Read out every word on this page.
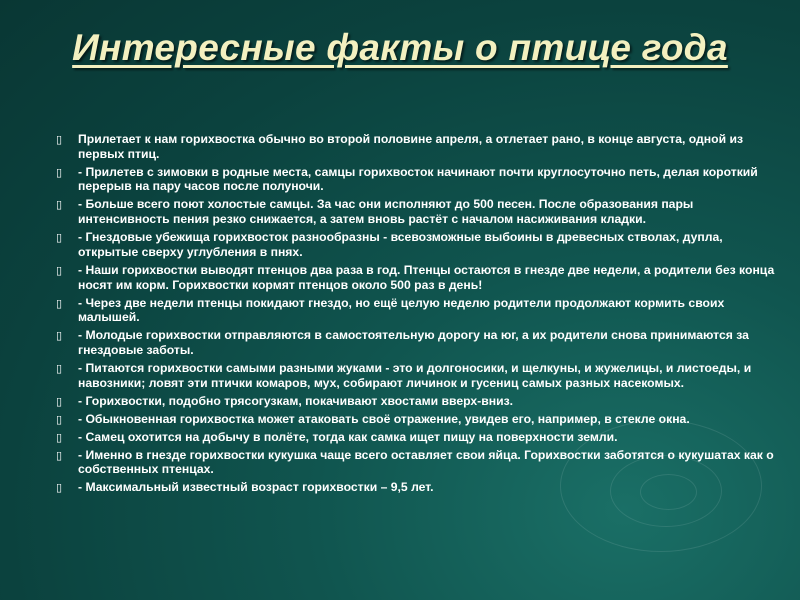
Интересные факты о птице года
▯	Прилетает к нам горихвостка обычно во второй половине апреля, а отлетает рано, в конце августа, одной из первых птиц.
▯	- Прилетев с зимовки в родные места, самцы горихвосток начинают почти круглосуточно петь, делая короткий перерыв на пару часов после полуночи.
▯	- Больше всего поют холостые самцы. За час они исполняют до 500 песен. После образования пары интенсивность пения резко снижается, а затем вновь растёт с началом насиживания кладки.
▯	- Гнездовые убежища горихвосток разнообразны - всевозможные выбоины в древесных стволах, дупла, открытые сверху углубления в пнях.
▯	- Наши горихвостки выводят птенцов два раза в год. Птенцы остаются в гнезде две недели, а родители без конца носят им корм. Горихвостки кормят птенцов около 500 раз в день!
▯	- Через две недели птенцы покидают гнездо, но ещё целую неделю родители продолжают кормить своих малышей.
▯	- Молодые горихвостки отправляются в самостоятельную дорогу на юг, а их родители снова принимаются за гнездовые заботы.
▯	- Питаются горихвостки самыми разными жуками - это и долгоносики, и щелкуны, и жужелицы, и листоеды, и навозники; ловят эти птички комаров, мух, собирают личинок и гусениц самых разных насекомых.
▯	- Горихвостки, подобно трясогузкам, покачивают хвостами вверх-вниз.
▯	- Обыкновенная горихвостка может атаковать своё отражение, увидев его, например, в стекле окна.
▯	- Самец охотится на добычу в полёте, тогда как самка ищет пищу на поверхности земли.
▯	- Именно в гнезде горихвостки кукушка чаще всего оставляет свои яйца. Горихвостки заботятся о кукушатах как о собственных птенцах.
▯	- Максимальный известный возраст горихвостки – 9,5 лет.
